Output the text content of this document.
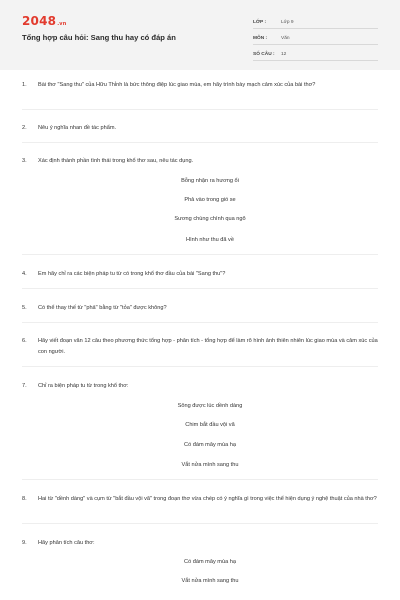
2048.vn
Tổng hợp câu hỏi: Sang thu hay có đáp án
LỚP :	Lớp 9
MÔN :	Văn
SỐ CÂU :	12
1.	Bài thơ "Sang thu" của Hữu Thỉnh là bức thông điệp lúc giao mùa, em hãy trình bày mạch cảm xúc của bài thơ?
2.	Nêu ý nghĩa nhan đề tác phẩm.
3.	Xác định thành phần tình thái trong khổ thơ sau, nêu tác dụng.
Bỗng nhận ra hương ổi
Phả vào trong gió se
Sương chùng chình qua ngõ
Hình như thu đã về
4.	Em hãy chỉ ra các biện pháp tu từ có trong khổ thơ đầu của bài "Sang thu"?
5.	Có thể thay thế từ "phả" bằng từ "tỏa" được không?
6.	Hãy viết đoạn văn 12 câu theo phương thức tổng hợp - phân tích - tổng hợp để làm rõ hình ảnh thiên nhiên lúc giao mùa và cảm xúc của con người.
7.	Chỉ ra biện pháp tu từ trong khổ thơ:
Sông được lúc dềnh dàng
Chim bắt đầu vội vã
Có đám mây mùa hạ
Vắt nửa mình sang thu
8.	Hai từ "dềnh dàng" và cụm từ "bắt đầu vội vã" trong đoạn thơ vừa chép có ý nghĩa gì trong việc thể hiện dụng ý nghệ thuật của nhà thơ?
9.	Hãy phân tích câu thơ:
Có đám mây mùa hạ
Vắt nửa mình sang thu
